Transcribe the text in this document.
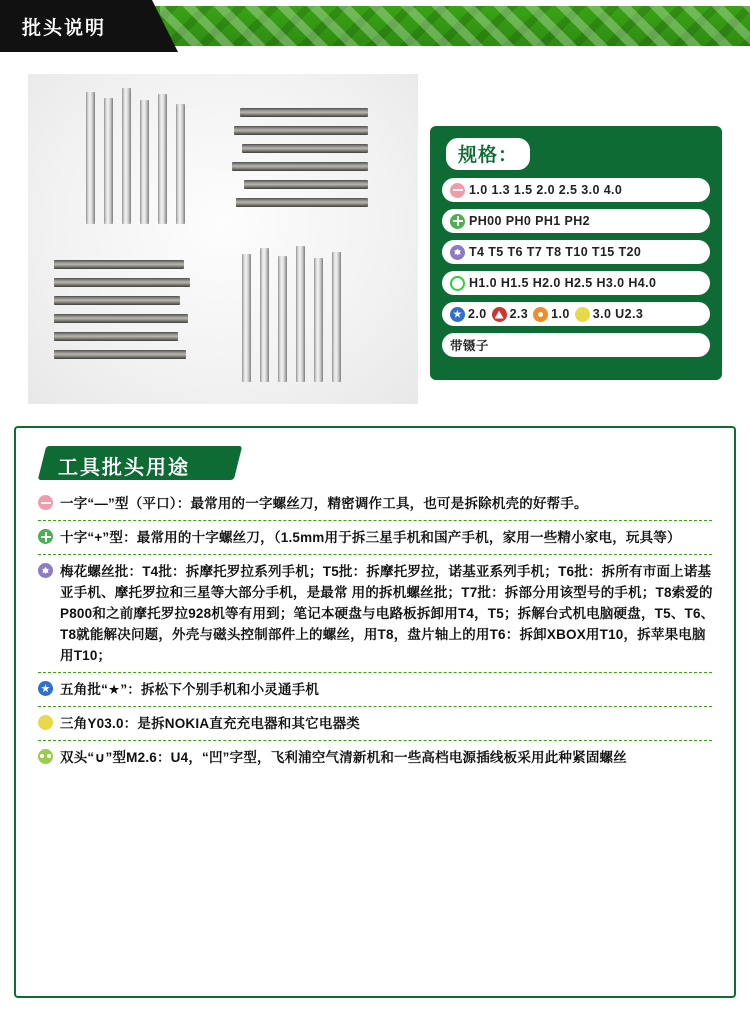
批头说明
规格：
1.0 1.3 1.5 2.0 2.5 3.0 4.0
PH00 PH0 PH1 PH2
T4 T5 T6 T7 T8 T10 T15 T20
H1.0 H1.5 H2.0 H2.5 H3.0 H4.0
2.0 2.3 1.0 3.0 U2.3
带镊子
工具批头用途
一字“—”型（平口）：最常用的一字螺丝刀，精密调作工具，也可是拆除机壳的好帮手。
十字“+”型：最常用的十字螺丝刀，（1.5mm用于拆三星手机和国产手机，家用一些精小家电，玩具等）
梅花螺丝批：T4批：拆摩托罗拉系列手机；T5批：拆摩托罗拉，诺基亚系列手机；T6批：拆所有市面上诺基亚手机、摩托罗拉和三星等大部分手机，是最常 用的拆机螺丝批；T7批：拆部分用该型号的手机；T8索爱的P800和之前摩托罗拉928机等有用到；笔记本硬盘与电路板拆卸用T4，T5；拆解台式机电脑硬盘，T5、T6、T8就能解决问题，外壳与磁头控制部件上的螺丝，用T8，盘片轴上的用T6：拆卸XBOX用T10，拆苹果电脑用T10；
五角批“★”：拆松下个别手机和小灵通手机
三角Y03.0：是拆NOKIA直充充电器和其它电器类
双头“∪”型M2.6：U4，“凹”字型，飞利浦空气清新机和一些高档电源插线板采用此种紧固螺丝
